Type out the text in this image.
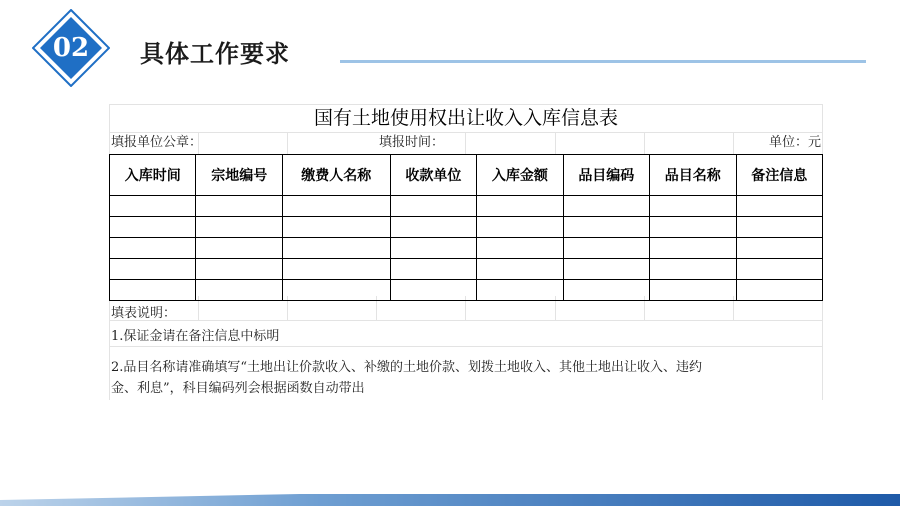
02	具体工作要求
国有土地使用权出让收入入库信息表
填报单位公章：	填报时间：	单位：元
入库时间	宗地编号	缴费人名称	收款单位	入库金额	品目编码	品目名称	备注信息

填表说明：
1.保证金请在备注信息中标明
2.品目名称请准确填写“土地出让价款收入、补缴的土地价款、划拨土地收入、其他土地出让收入、违约
金、利息”，科目编码列会根据函数自动带出
